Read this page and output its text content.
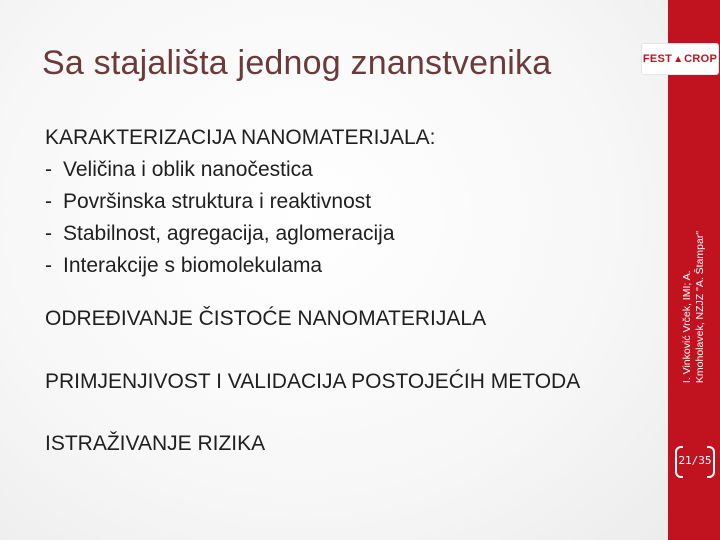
Sa stajališta jednog znanstvenika	FEST ▲ CROP

KARAKTERIZACIJA NANOMATERIJALA:

- Veličina i oblik nanočestica

- Površinska struktura i reaktivnost

- Stabilnost, agregacija, aglomeracija

- Interakcije s biomolekulama

ODREĐIVANJE ČISTOĆE NANOMATERIJALA
PRIMJENJIVOST I VALIDACIJA POSTOJEĆIH METODA
ISTRAŽIVANJE RIZIKA
I. Vinković Vrček, IMI; A. Kmoholavek, NZJZ "A. Štampar"
21/35
